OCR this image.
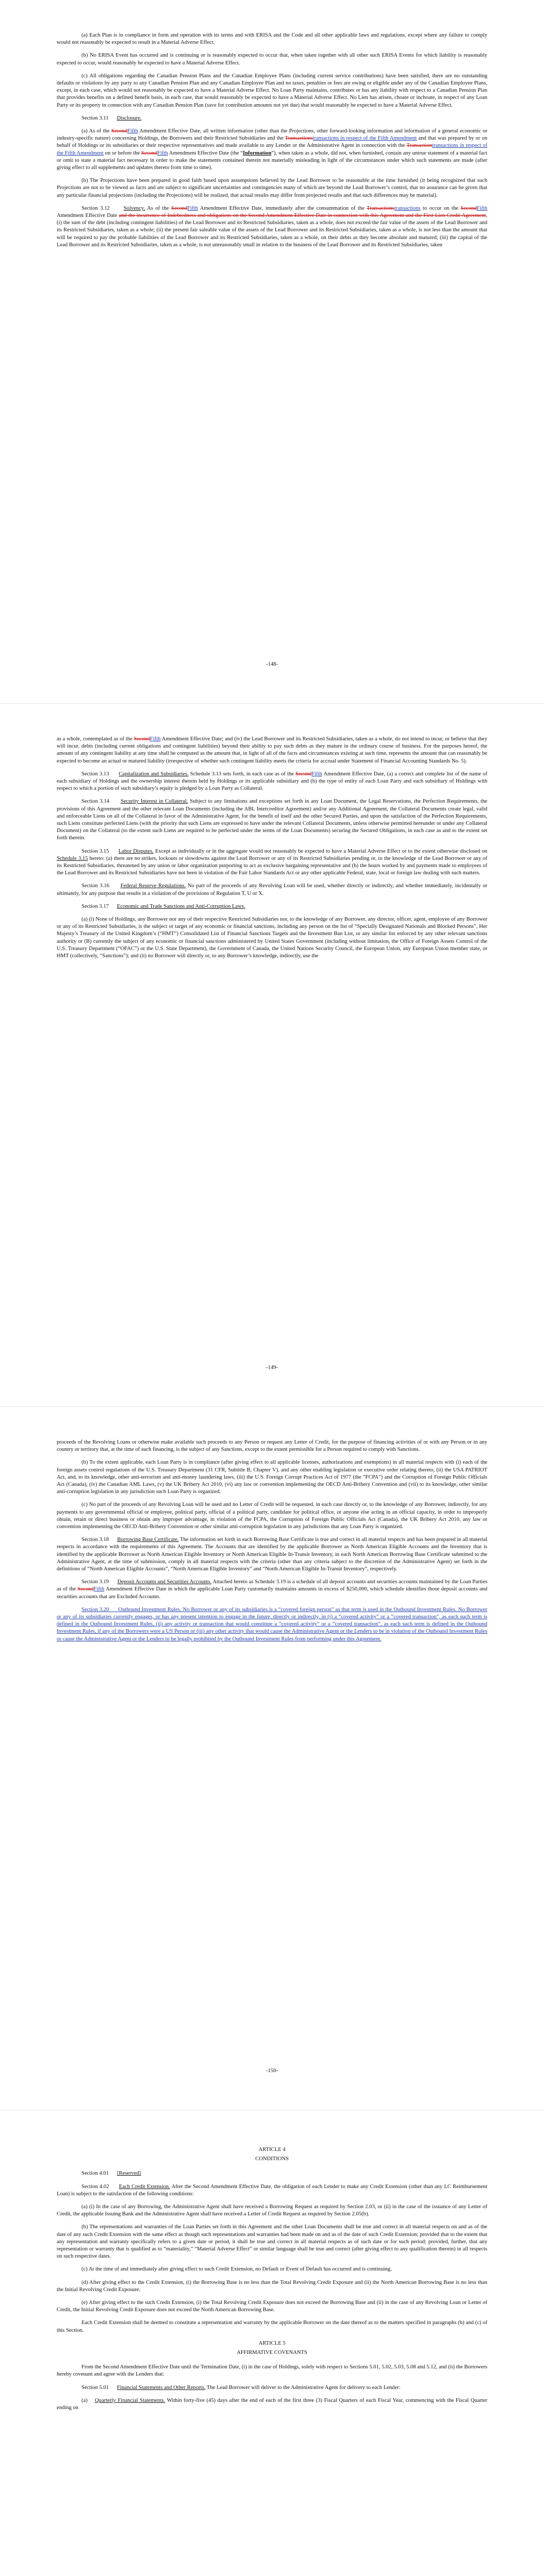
(a) Each Plan is in compliance in form and operation with its terms and with ERISA and the Code and all other applicable laws and regulations, except where any failure to comply would not reasonably be expected to result in a Material Adverse Effect.

(b) No ERISA Event has occurred and is continuing or is reasonably expected to occur that, when taken together with all other such ERISA Events for which liability is reasonably expected to occur, would reasonably be expected to have a Material Adverse Effect.

(c) All obligations regarding the Canadian Pension Plans and the Canadian Employee Plans (including current service contributions) have been satisfied, there are no outstanding defaults or violations by any party to any Canadian Pension Plan and any Canadian Employee Plan and no taxes, penalties or fees are owing or eligible under any of the Canadian Employee Plans, except, in each case, which would not reasonably be expected to have a Material Adverse Effect. No Loan Party maintains, contributes or has any liability with respect to a Canadian Pension Plan that provides benefits on a defined benefit basis, in each case, that would reasonably be expected to have a Material Adverse Effect. No Lien has arisen, choate or inchoate, in respect of any Loan Party or its property in connection with any Canadian Pension Plan (save for contribution amounts not yet due) that would reasonably be expected to have a Material Adverse Effect.

Section 3.11 Disclosure.

(a) As of the SecondFifth Amendment Effective Date, all written information (other than the Projections, other forward-looking information and information of a general economic or industry-specific nature) concerning Holdings, the Borrowers and their Restricted Subsidiaries and the Transactionstransactions in respect of the Fifth Amendment and that was prepared by or on behalf of Holdings or its subsidiaries or their respective representatives and made available to any Lender or the Administrative Agent in connection with the Transactiontransactions in respect of the Fifth Amendment on or before the SecondFifth Amendment Effective Date (the “Information”), when taken as a whole, did not, when furnished, contain any untrue statement of a material fact or omit to state a material fact necessary in order to make the statements contained therein not materially misleading in light of the circumstances under which such statements are made (after giving effect to all supplements and updates thereto from time to time).

(b) The Projections have been prepared in good faith based upon assumptions believed by the Lead Borrower to be reasonable at the time furnished (it being recognized that such Projections are not to be viewed as facts and are subject to significant uncertainties and contingencies many of which are beyond the Lead Borrower’s control, that no assurance can be given that any particular financial projections (including the Projections) will be realized, that actual results may differ from projected results and that such differences may be material).

Section 3.12	Solvency. As of the SecondFifth Amendment Effective Date, immediately after the consummation of the Transactionstransactions to occur on the SecondFifth Amendment Effective Date and the incurrence of Indebtedness and obligations on the Second Amendment Effective Date in connection with this Agreement and the First Lien Credit Agreement, (i) the sum of the debt (including contingent liabilities) of the Lead Borrower and its Restricted Subsidiaries, taken as a whole, does not exceed the fair value of the assets of the Lead Borrower and its Restricted Subsidiaries, taken as a whole; (ii) the present fair saleable value of the assets of the Lead Borrower and its Restricted Subsidiaries, taken as a whole, is not less than the amount that will be required to pay the probable liabilities of the Lead Borrower and its Restricted Subsidiaries, taken as a whole, on their debts as they become absolute and matured; (iii) the capital of the Lead Borrower and its Restricted Subsidiaries, taken as a whole, is not unreasonably small in relation to the business of the Lead Borrower and its Restricted Subsidiaries, taken

-148-

as a whole, contemplated as of the SecondFifth Amendment Effective Date; and (iv) the Lead Borrower and its Restricted Subsidiaries, taken as a whole, do not intend to incur, or believe that they will incur, debts (including current obligations and contingent liabilities) beyond their ability to pay such debts as they mature in the ordinary course of business. For the purposes hereof, the amount of any contingent liability at any time shall be computed as the amount that, in light of all of the facts and circumstances existing at such time, represents the amount that can reasonably be expected to become an actual or matured liability (irrespective of whether such contingent liability meets the criteria for accrual under Statement of Financial Accounting Standards No. 5).

Section 3.13 Capitalization and Subsidiaries. Schedule 3.13 sets forth, in each case as of the SecondFifth Amendment Effective Date, (a) a correct and complete list of the name of each subsidiary of Holdings and the ownership interest therein held by Holdings or its applicable subsidiary and (b) the type of entity of each Loan Party and each subsidiary of Holdings with respect to which a portion of such subsidiary’s equity is pledged by a Loan Party as Collateral.

Section 3.14 Security Interest in Collateral. Subject to any limitations and exceptions set forth in any Loan Document, the Legal Reservations, the Perfection Requirements, the provisions of this Agreement and the other relevant Loan Documents (including the ABL Intercreditor Agreement) and/or any Additional Agreement, the Collateral Documents create legal, valid and enforceable Liens on all of the Collateral in favor of the Administrative Agent, for the benefit of itself and the other Secured Parties, and upon the satisfaction of the Perfection Requirements, such Liens constitute perfected Liens (with the priority that such Liens are expressed to have under the relevant Collateral Documents, unless otherwise permitted hereunder or under any Collateral Document) on the Collateral (to the extent such Liens are required to be perfected under the terms of the Loan Documents) securing the Secured Obligations, in each case as and to the extent set forth therein.

Section 3.15 Labor Disputes. Except as individually or in the aggregate would not reasonably be expected to have a Material Adverse Effect or to the extent otherwise disclosed on Schedule 3.15 hereto: (a) there are no strikes, lockouts or slowdowns against the Lead Borrower or any of its Restricted Subsidiaries pending or, to the knowledge of the Lead Borrower or any of its Restricted Subsidiaries, threatened by any union or labor organization purporting to act as exclusive bargaining representative and (b) the hours worked by and payments made to employees of the Lead Borrower and its Restricted Subsidiaries have not been in violation of the Fair Labor Standards Act or any other applicable Federal, state, local or foreign law dealing with such matters.

Section 3.16 Federal Reserve Regulations. No part of the proceeds of any Revolving Loan will be used, whether directly or indirectly, and whether immediately, incidentally or ultimately, for any purpose that results in a violation of the provisions of Regulation T, U or X.

Section 3.17 Economic and Trade Sanctions and Anti-Corruption Laws.

(a) (i) None of Holdings, any Borrower nor any of their respective Restricted Subsidiaries nor, to the knowledge of any Borrower, any director, officer, agent, employee of any Borrower or any of its Restricted Subsidiaries, is the subject or target of any economic or financial sanctions, including any person on the list of “Specially Designated Nationals and Blocked Persons”, Her Majesty’s Treasury of the United Kingdom’s (“HMT”) Consolidated List of Financial Sanctions Targets and the Investment Ban List, or any similar list enforced by any other relevant sanctions authority or (B) currently the subject of any economic or financial sanctions administered by United States Government (including without limitation, the Office of Foreign Assets Control of the U.S. Treasury Department (“OFAC”) or the U.S. State Department), the Government of Canada, the United Nations Security Council, the European Union, any European Union member state, or HMT (collectively, “Sanctions”); and (ii) no Borrower will directly or, to any Borrower’s knowledge, indirectly, use the

-149-

proceeds of the Revolving Loans or otherwise make available such proceeds to any Person or request any Letter of Credit, for the purpose of financing activities of or with any Person or in any country or territory that, at the time of such financing, is the subject of any Sanctions, except to the extent permissible for a Person required to comply with Sanctions.

(b) To the extent applicable, each Loan Party is in compliance (after giving effect to all applicable licenses, authorizations and exemptions) in all material respects with (i) each of the foreign assets control regulations of the U.S. Treasury Department (31 CFR, Subtitle B, Chapter V), and any other enabling legislation or executive order relating thereto, (ii) the USA PATRIOT Act, and, to its knowledge, other anti-terrorism and anti-money laundering laws, (iii) the U.S. Foreign Corrupt Practices Act of 1977 (the “FCPA”) and the Corruption of Foreign Public Officials Act (Canada), (iv) the Canadian AML Laws, (v) the UK Bribery Act 2010, (vi) any law or convention implementing the OECD Anti-Bribery Convention and (vii) to its knowledge, other similar anti-corruption legislation in any jurisdiction such Loan Party is organized.

(c) No part of the proceeds of any Revolving Loan will be used and no Letter of Credit will be requested, in each case directly or, to the knowledge of any Borrower, indirectly, for any payments to any governmental official or employee, political party, official of a political party, candidate for political office, or anyone else acting in an official capacity, in order to improperly obtain, retain or direct business or obtain any improper advantage, in violation of the FCPA, the Corruption of Foreign Public Officials Act (Canada), the UK Bribery Act 2010, any law or convention implementing the OECD Anti-Bribery Convention or other similar anti-corruption legislation in any jurisdictions that any Loan Party is organized.

Section 3.18 Borrowing Base Certificate. The information set forth in each Borrowing Base Certificate is true and correct in all material respects and has been prepared in all material respects in accordance with the requirements of this Agreement. The Accounts that are identified by the applicable Borrower as North American Eligible Accounts and the Inventory that is identified by the applicable Borrower as North American Eligible Inventory or North American Eligible In-Transit Inventory, in each North American Borrowing Base Certificate submitted to the Administrative Agent, at the time of submission, comply in all material respects with the criteria (other than any criteria subject to the discretion of the Administrative Agent) set forth in the definitions of “North American Eligible Accounts”, “North American Eligible Inventory” and “North American Eligible In-Transit Inventory”, respectively.

Section 3.19 Deposit Accounts and Securities Accounts. Attached hereto as Schedule 3.19 is a schedule of all deposit accounts and securities accounts maintained by the Loan Parties as of the SecondFifth Amendment Effective Date in which the applicable Loan Party customarily maintains amounts in excess of $250,000, which schedule identifies those deposit accounts and securities accounts that are Excluded Accounts.

Section 3.20 Outbound Investment Rules. No Borrower or any of its subsidiaries is a “covered foreign person” as that term is used in the Outbound Investment Rules. No Borrower or any of its subsidiaries currently engages, or has any present intention to engage in the future, directly or indirectly, in (i) a “covered activity” or a “covered transaction”, as each such term is defined in the Outbound Investment Rules, (ii) any activity or transaction that would constitute a “covered activity” or a “covered transaction”, as each such term is defined in the Outbound Investment Rules, if any of the Borrowers were a US Person or (iii) any other activity that would cause the Administrative Agent or the Lenders to be in violation of the Outbound Investment Rules or cause the Administrative Agent or the Lenders to be legally prohibited by the Outbound Investment Rules from performing under this Agreement.

-150-

ARTICLE 4

CONDITIONS

Section 4.01 [Reserved]

Section 4.02 Each Credit Extension. After the Second Amendment Effective Date, the obligation of each Lender to make any Credit Extension (other than any LC Reimbursement Loan) is subject to the satisfaction of the following conditions:

(a) (i) In the case of any Borrowing, the Administrative Agent shall have received a Borrowing Request as required by Section 2.03, or (ii) in the case of the issuance of any Letter of Credit, the applicable Issuing Bank and the Administrative Agent shall have received a Letter of Credit Request as required by Section 2.05(b).

(b) The representations and warranties of the Loan Parties set forth in this Agreement and the other Loan Documents shall be true and correct in all material respects on and as of the date of any such Credit Extension with the same effect as though such representations and warranties had been made on and as of the date of such Credit Extension; provided that to the extent that any representation and warranty specifically refers to a given date or period, it shall be true and correct in all material respects as of such date or for such period; provided, further, that any representation or warranty that is qualified as to “materiality,” “Material Adverse Effect” or similar language shall be true and correct (after giving effect to any qualification therein) in all respects on such respective dates.

(c) At the time of and immediately after giving effect to such Credit Extension, no Default or Event of Default has occurred and is continuing.

(d) After giving effect to the Credit Extension, (i) the Borrowing Base is no less than the Total Revolving Credit Exposure and (ii) the North American Borrowing Base is no less than the Initial Revolving Credit Exposure.

(e) After giving effect to the such Credit Extension, (i) the Total Revolving Credit Exposure does not exceed the Borrowing Base and (ii) in the case of any Revolving Loan or Letter of Credit, the Initial Revolving Credit Exposure does not exceed the North American Borrowing Base.

Each Credit Extension shall be deemed to constitute a representation and warranty by the applicable Borrower on the date thereof as to the matters specified in paragraphs (b) and (c) of this Section.

ARTICLE 5

AFFIRMATIVE COVENANTS

From the Second Amendment Effective Date until the Termination Date, (i) in the case of Holdings, solely with respect to Sections 5.01, 5.02, 5.03, 5.08 and 5.12, and (ii) the Borrowers hereby covenant and agree with the Lenders that:

Section 5.01 Financial Statements and Other Reports. The Lead Borrower will deliver to the Administrative Agent for delivery to each Lender:

(a)    Quarterly Financial Statements. Within forty-five (45) days after the end of each of the first three (3) Fiscal Quarters of each Fiscal Year, commencing with the Fiscal Quarter ending on
